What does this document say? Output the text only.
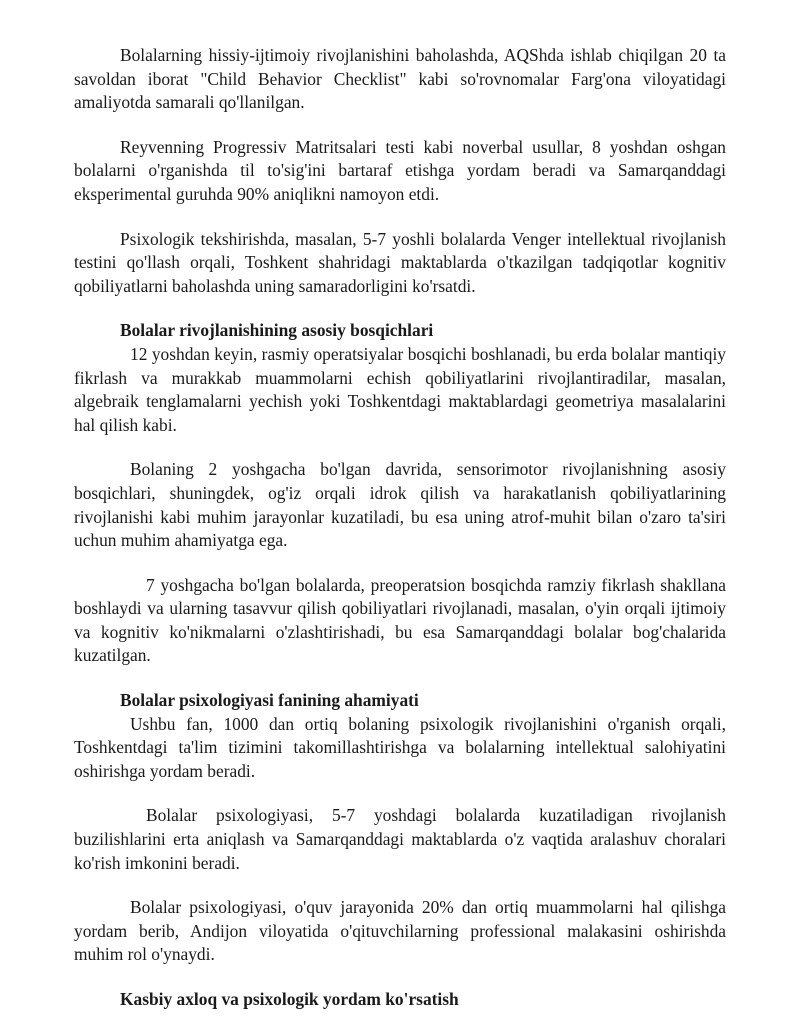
Bolalarning hissiy-ijtimoiy rivojlanishini baholashda, AQShda ishlab chiqilgan 20 ta savoldan iborat "Child Behavior Checklist" kabi so'rovnomalar Farg'ona viloyatidagi amaliyotda samarali qo'llanilgan.

Reyvenning Progressiv Matritsalari testi kabi noverbal usullar, 8 yoshdan oshgan bolalarni o'rganishda til to'sig'ini bartaraf etishga yordam beradi va Samarqanddagi eksperimental guruhda 90% aniqlikni namoyon etdi.

Psixologik tekshirishda, masalan, 5-7 yoshli bolalarda Venger intellektual rivojlanish testini qo'llash orqali, Toshkent shahridagi maktablarda o'tkazilgan tadqiqotlar kognitiv qobiliyatlarni baholashda uning samaradorligini ko'rsatdi.

Bolalar rivojlanishining asosiy bosqichlari

12 yoshdan keyin, rasmiy operatsiyalar bosqichi boshlanadi, bu erda bolalar mantiqiy fikrlash va murakkab muammolarni echish qobiliyatlarini rivojlantiradilar, masalan, algebraik tenglamalarni yechish yoki Toshkentdagi maktablardagi geometriya masalalarini hal qilish kabi.

Bolaning 2 yoshgacha bo'lgan davrida, sensorimotor rivojlanishning asosiy bosqichlari, shuningdek, og'iz orqali idrok qilish va harakatlanish qobiliyatlarining rivojlanishi kabi muhim jarayonlar kuzatiladi, bu esa uning atrof-muhit bilan o'zaro ta'siri uchun muhim ahamiyatga ega.

7 yoshgacha bo'lgan bolalarda, preoperatsion bosqichda ramziy fikrlash shakllana boshlaydi va ularning tasavvur qilish qobiliyatlari rivojlanadi, masalan, o'yin orqali ijtimoiy va kognitiv ko'nikmalarni o'zlashtirishadi, bu esa Samarqanddagi bolalar bog'chalarida kuzatilgan.

Bolalar psixologiyasi fanining ahamiyati

Ushbu fan, 1000 dan ortiq bolaning psixologik rivojlanishini o'rganish orqali, Toshkentdagi ta'lim tizimini takomillashtirishga va bolalarning intellektual salohiyatini oshirishga yordam beradi.

Bolalar psixologiyasi, 5-7 yoshdagi bolalarda kuzatiladigan rivojlanish buzilishlarini erta aniqlash va Samarqanddagi maktablarda o'z vaqtida aralashuv choralari ko'rish imkonini beradi.

Bolalar psixologiyasi, o'quv jarayonida 20% dan ortiq muammolarni hal qilishga yordam berib, Andijon viloyatida o'qituvchilarning professional malakasini oshirishda muhim rol o'ynaydi.

Kasbiy axloq va psixologik yordam ko'rsatish
